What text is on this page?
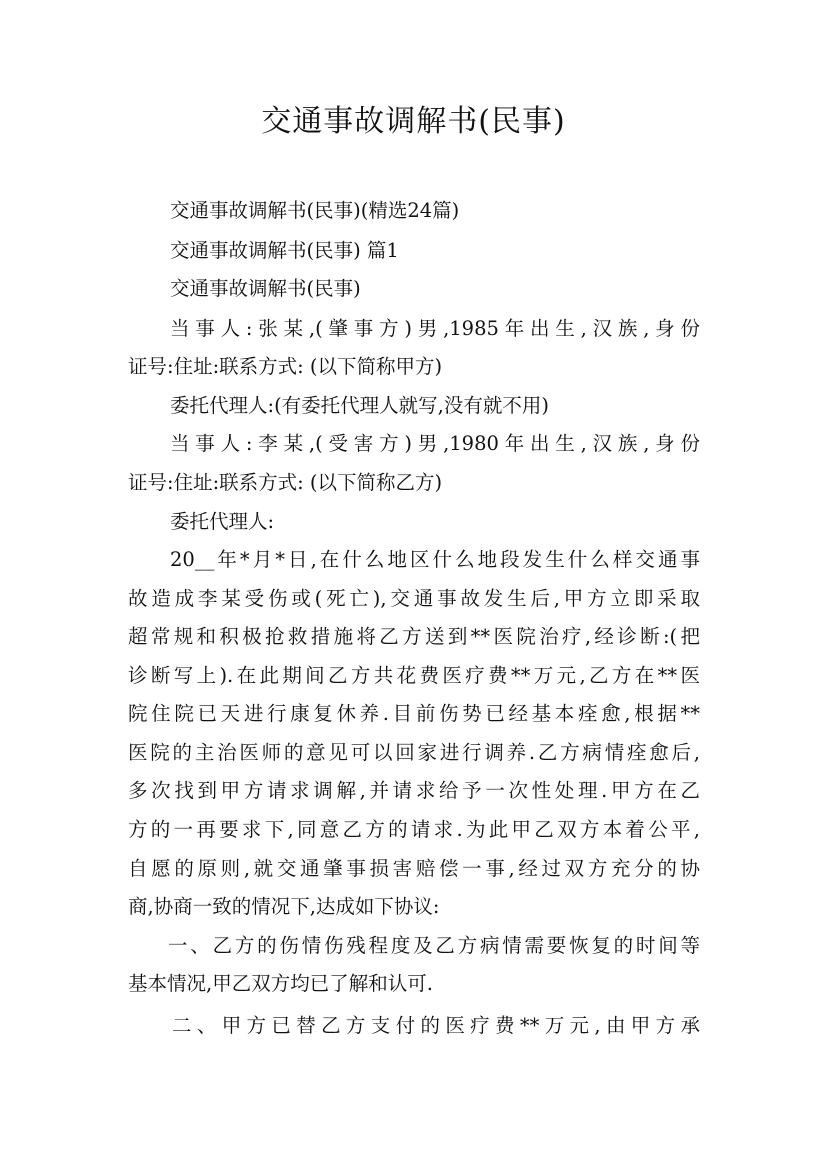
交通事故调解书(民事)
交通事故调解书(民事)(精选24篇)
交通事故调解书(民事) 篇1
交通事故调解书(民事)
当事人:张某,(肇事方)男,1985年出生,汉族,身份
证号:住址:联系方式: (以下简称甲方)
委托代理人:(有委托代理人就写,没有就不用)
当事人:李某,(受害方)男,1980年出生,汉族,身份
证号:住址:联系方式: (以下简称乙方)
委托代理人:
20__年*月*日,在什么地区什么地段发生什么样交通事
故造成李某受伤或(死亡),交通事故发生后,甲方立即采取
超常规和积极抢救措施将乙方送到**医院治疗,经诊断:(把
诊断写上).在此期间乙方共花费医疗费**万元,乙方在**医
院住院已天进行康复休养.目前伤势已经基本痊愈,根据**
医院的主治医师的意见可以回家进行调养.乙方病情痊愈后,
多次找到甲方请求调解,并请求给予一次性处理.甲方在乙
方的一再要求下,同意乙方的请求.为此甲乙双方本着公平,
自愿的原则,就交通肇事损害赔偿一事,经过双方充分的协
商,协商一致的情况下,达成如下协议:
一、乙方的伤情伤残程度及乙方病情需要恢复的时间等
基本情况,甲乙双方均已了解和认可.
二、甲方已替乙方支付的医疗费**万元,由甲方承
